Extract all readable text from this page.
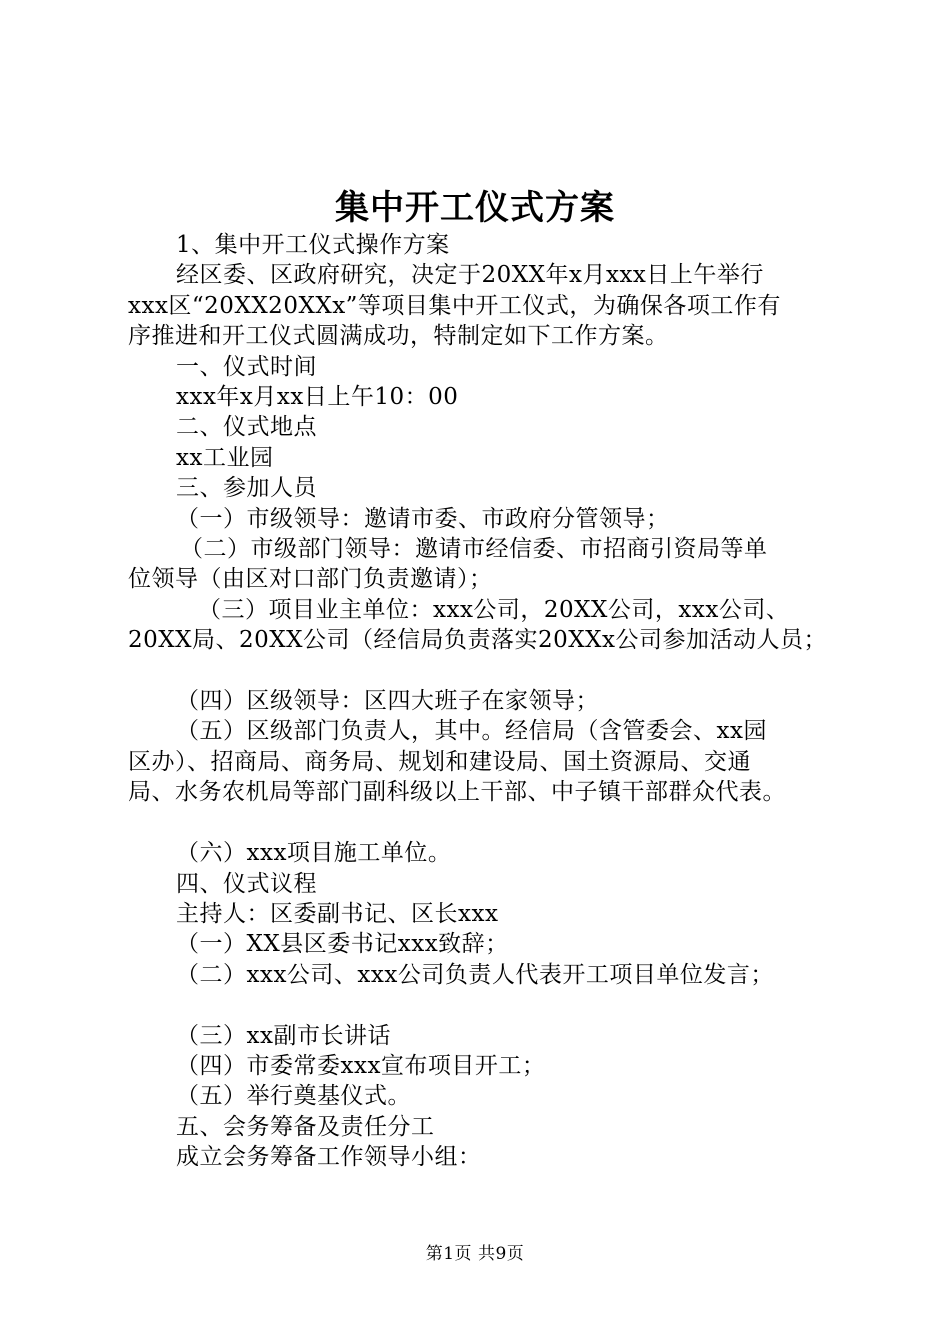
集中开工仪式方案

1、集中开工仪式操作方案

经区委、区政府研究，决定于20XX年x月xxx日上午举行

xxx区“20XX20XXx”等项目集中开工仪式，为确保各项工作有

序推进和开工仪式圆满成功，特制定如下工作方案。

一、仪式时间

xxx年x月xx日上午10：00

二、仪式地点

xx工业园

三、参加人员

（一）市级领导：邀请市委、市政府分管领导；

（二）市级部门领导：邀请市经信委、市招商引资局等单

位领导（由区对口部门负责邀请）；

（三）项目业主单位：xxx公司，20XX公司，xxx公司、

20XX局、20XX公司（经信局负责落实20XXx公司参加活动人员；

（四）区级领导：区四大班子在家领导；

（五）区级部门负责人，其中。经信局（含管委会、xx园

区办）、招商局、商务局、规划和建设局、国土资源局、交通

局、水务农机局等部门副科级以上干部、中子镇干部群众代表。

（六）xxx项目施工单位。

四、仪式议程

主持人：区委副书记、区长xxx

（一）XX县区委书记xxx致辞；

（二）xxx公司、xxx公司负责人代表开工项目单位发言；

（三）xx副市长讲话

（四）市委常委xxx宣布项目开工；

（五）举行奠基仪式。

五、会务筹备及责任分工

成立会务筹备工作领导小组：

第1页 共9页
